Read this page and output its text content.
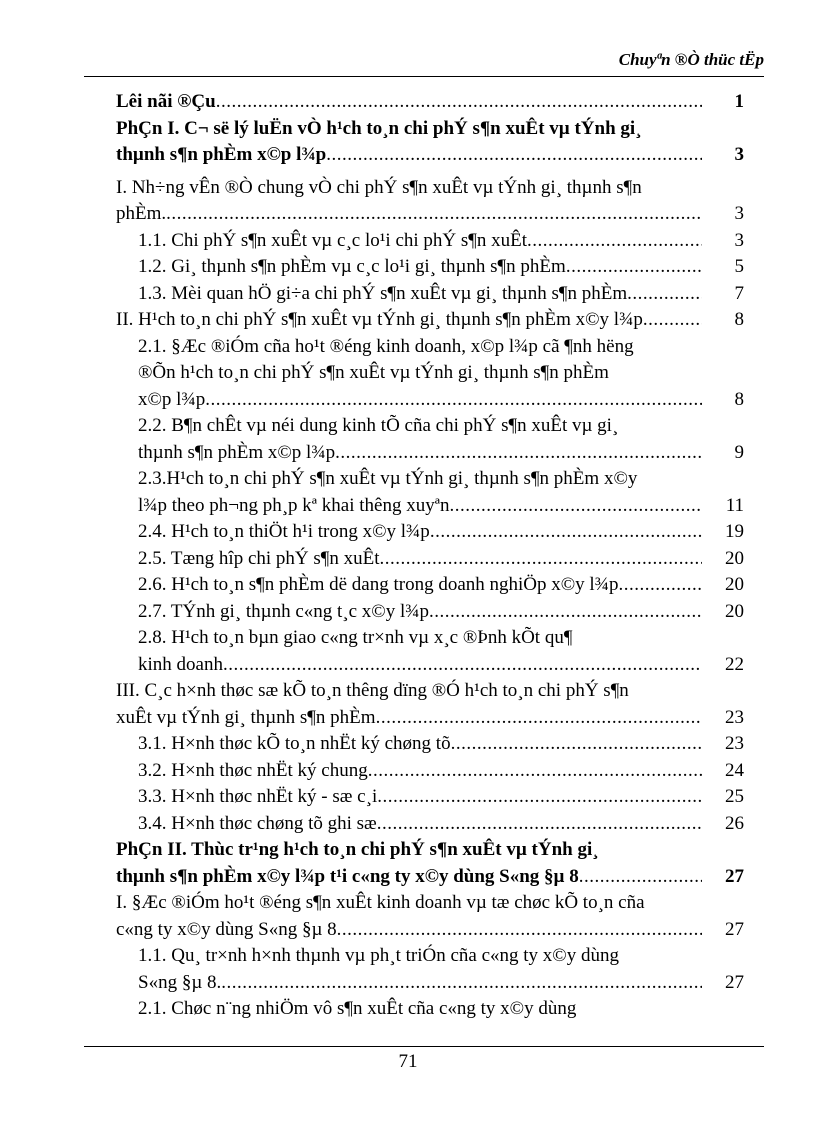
Chuyªn ®Ò thüc tËp
Lêi nãi ®Çu .....	1
PhÇn I. C¬ së lý luËn vÒ h¹ch to¸n chi phÝ s¶n xuÊt vµ tÝnh gi¸
thµnh s¶n phÈm x©p l¾p .....	3
I. Nh÷ng vÊn ®Ò chung vÒ chi phÝ s¶n xuÊt vµ tÝnh gi¸ thµnh s¶n
phÈm. .....	3
1.1. Chi phÝ s¶n xuÊt vµ c¸c lo¹i chi phÝ s¶n xuÊt .....	3
1.2. Gi¸ thµnh s¶n phÈm vµ c¸c lo¹i gi¸ thµnh s¶n phÈm .....	5
1.3. Mèi quan hÖ gi÷a chi phÝ s¶n xuÊt vµ gi¸ thµnh s¶n phÈm .....	7
II. H¹ch to¸n chi phÝ s¶n xuÊt vµ tÝnh gi¸ thµnh s¶n phÈm x©y l¾p .....	8
2.1. §Æc ®iÓm cña ho¹t ®éng kinh doanh, x©p l¾p cã ¶nh hëng
®Õn h¹ch to¸n chi phÝ s¶n xuÊt vµ tÝnh gi¸ thµnh s¶n phÈm
x©p l¾p .....	8
2.2. B¶n chÊt vµ néi dung kinh tÕ cña chi phÝ s¶n xuÊt vµ gi¸
thµnh s¶n phÈm x©p l¾p .....	9
2.3.H¹ch to¸n chi phÝ s¶n xuÊt vµ tÝnh gi¸ thµnh s¶n phÈm x©y
l¾p theo ph¬ng ph¸p kª khai thêng xuyªn .....	11
2.4. H¹ch to¸n thiÖt h¹i trong x©y l¾p .....	19
2.5. Tæng hîp chi phÝ s¶n xuÊt .....	20
2.6. H¹ch to¸n s¶n phÈm dë dang trong doanh nghiÖp x©y l¾p .....	20
2.7. TÝnh gi¸ thµnh c«ng t¸c x©y l¾p .....	20
2.8. H¹ch to¸n bµn giao c«ng tr×nh vµ x¸c ®Þnh kÕt qu¶
kinh doanh .....	22
III. C¸c h×nh thøc sæ kÕ to¸n thêng dïng ®Ó h¹ch to¸n chi phÝ s¶n
xuÊt vµ tÝnh gi¸ thµnh s¶n phÈm .....	23
3.1. H×nh thøc kÕ to¸n nhËt ký chøng tõ .....	23
3.2. H×nh thøc nhËt ký chung .....	24
3.3. H×nh thøc nhËt ký - sæ c¸i .....	25
3.4. H×nh thøc chøng tõ ghi sæ .....	26
PhÇn II. Thùc tr¹ng h¹ch to¸n chi phÝ s¶n xuÊt vµ tÝnh gi¸
thµnh s¶n phÈm x©y l¾p t¹i c«ng ty x©y dùng S«ng §µ 8 .....	27
I. §Æc ®iÓm ho¹t ®éng s¶n xuÊt kinh doanh vµ tæ chøc kÕ to¸n cña
c«ng ty x©y dùng S«ng §µ 8 .....	27
1.1. Qu¸ tr×nh h×nh thµnh vµ ph¸t triÓn cña c«ng ty x©y dùng
S«ng §µ 8. .....	27
2.1. Chøc n¨ng nhiÖm vô s¶n xuÊt cña c«ng ty x©y dùng
71
